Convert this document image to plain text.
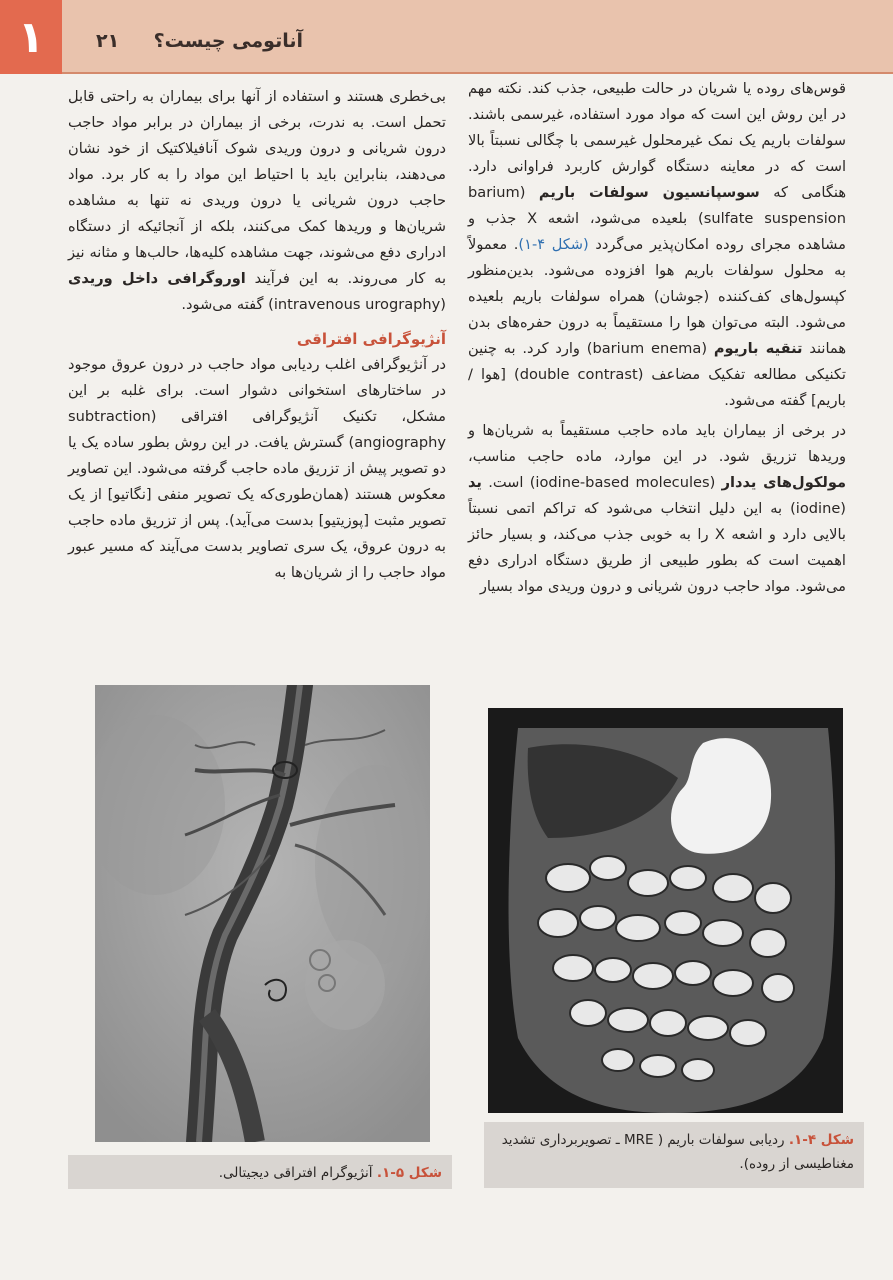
۱	۲۱ آناتومی چیست؟

قوس‌های روده یا شریان در حالت طبیعی، جذب کند. نکته مهم در این روش این است که مواد مورد استفاده، غیرسمی باشند. سولفات باریم یک نمک غیرمحلول غیرسمی با چگالی نسبتاً بالا است که در معاینه دستگاه گوارش کاربرد فراوانی دارد. هنگامی که سوسپانسیون سولفات باریم (barium sulfate suspension) بلعیده می‌شود، اشعه X جذب و مشاهده مجرای روده امکان‌پذیر می‌گردد (شکل ۴-۱). معمولاً به محلول سولفات باریم هوا افزوده می‌شود. بدین‌منظور کپسول‌های کف‌کننده (جوشان) همراه سولفات باریم بلعیده می‌شود. البته می‌توان هوا را مستقیماً به درون حفره‌های بدن همانند تنقیه باریوم (barium enema) وارد کرد. به چنین تکنیکی مطالعه تفکیک مضاعف (double contrast) [هوا / باریم] گفته می‌شود.

در برخی از بیماران باید ماده حاجب مستقیماً به شریان‌ها و وریدها تزریق شود. در این موارد، ماده حاجب مناسب، مولکول‌های یددار (iodine-based molecules) است. ید (iodine) به این دلیل انتخاب می‌شود که تراکم اتمی نسبتاً بالایی دارد و اشعه X را به خوبی جذب می‌کند، و بسیار حائز اهمیت است که بطور طبیعی از طریق دستگاه ادراری دفع می‌شود. مواد حاجب درون شریانی و درون وریدی مواد بسیار

بی‌خطری هستند و استفاده از آنها برای بیماران به راحتی قابل تحمل است. به ندرت، برخی از بیماران در برابر مواد حاجب درون شریانی و درون وریدی شوک آنافیلاکتیک از خود نشان می‌دهند، بنابراین باید با احتیاط این مواد را به کار برد. مواد حاجب درون شریانی یا درون وریدی نه تنها به مشاهده شریان‌ها و وریدها کمک می‌کنند، بلکه از آنجائیکه از دستگاه ادراری دفع می‌شوند، جهت مشاهده کلیه‌ها، حالب‌ها و مثانه نیز به کار می‌روند. به این فرآیند اوروگرافی داخل وریدی (intravenous urography) گفته می‌شود.

آنژیوگرافی افتراقی

در آنژیوگرافی اغلب ردیابی مواد حاجب در درون عروق موجود در ساختارهای استخوانی دشوار است. برای غلبه بر این مشکل، تکنیک آنژیوگرافی افتراقی (subtraction angiography) گسترش یافت. در این روش بطور ساده یک یا دو تصویر پیش از تزریق ماده حاجب گرفته می‌شود. این تصاویر معکوس هستند (همان‌طوری‌که یک تصویر منفی [نگاتیو] از یک تصویر مثبت [پوزیتیو] بدست می‌آید). پس از تزریق ماده حاجب به درون عروق، یک سری تصاویر بدست می‌آیند که مسیر عبور مواد حاجب را از شریان‌ها به

شکل ۵-۱. آنژیوگرام افتراقی دیجیتالی.
شکل ۴-۱. ردیابی سولفات باریم ( MRE ـ تصویربرداری تشدید مغناطیسی از روده).
